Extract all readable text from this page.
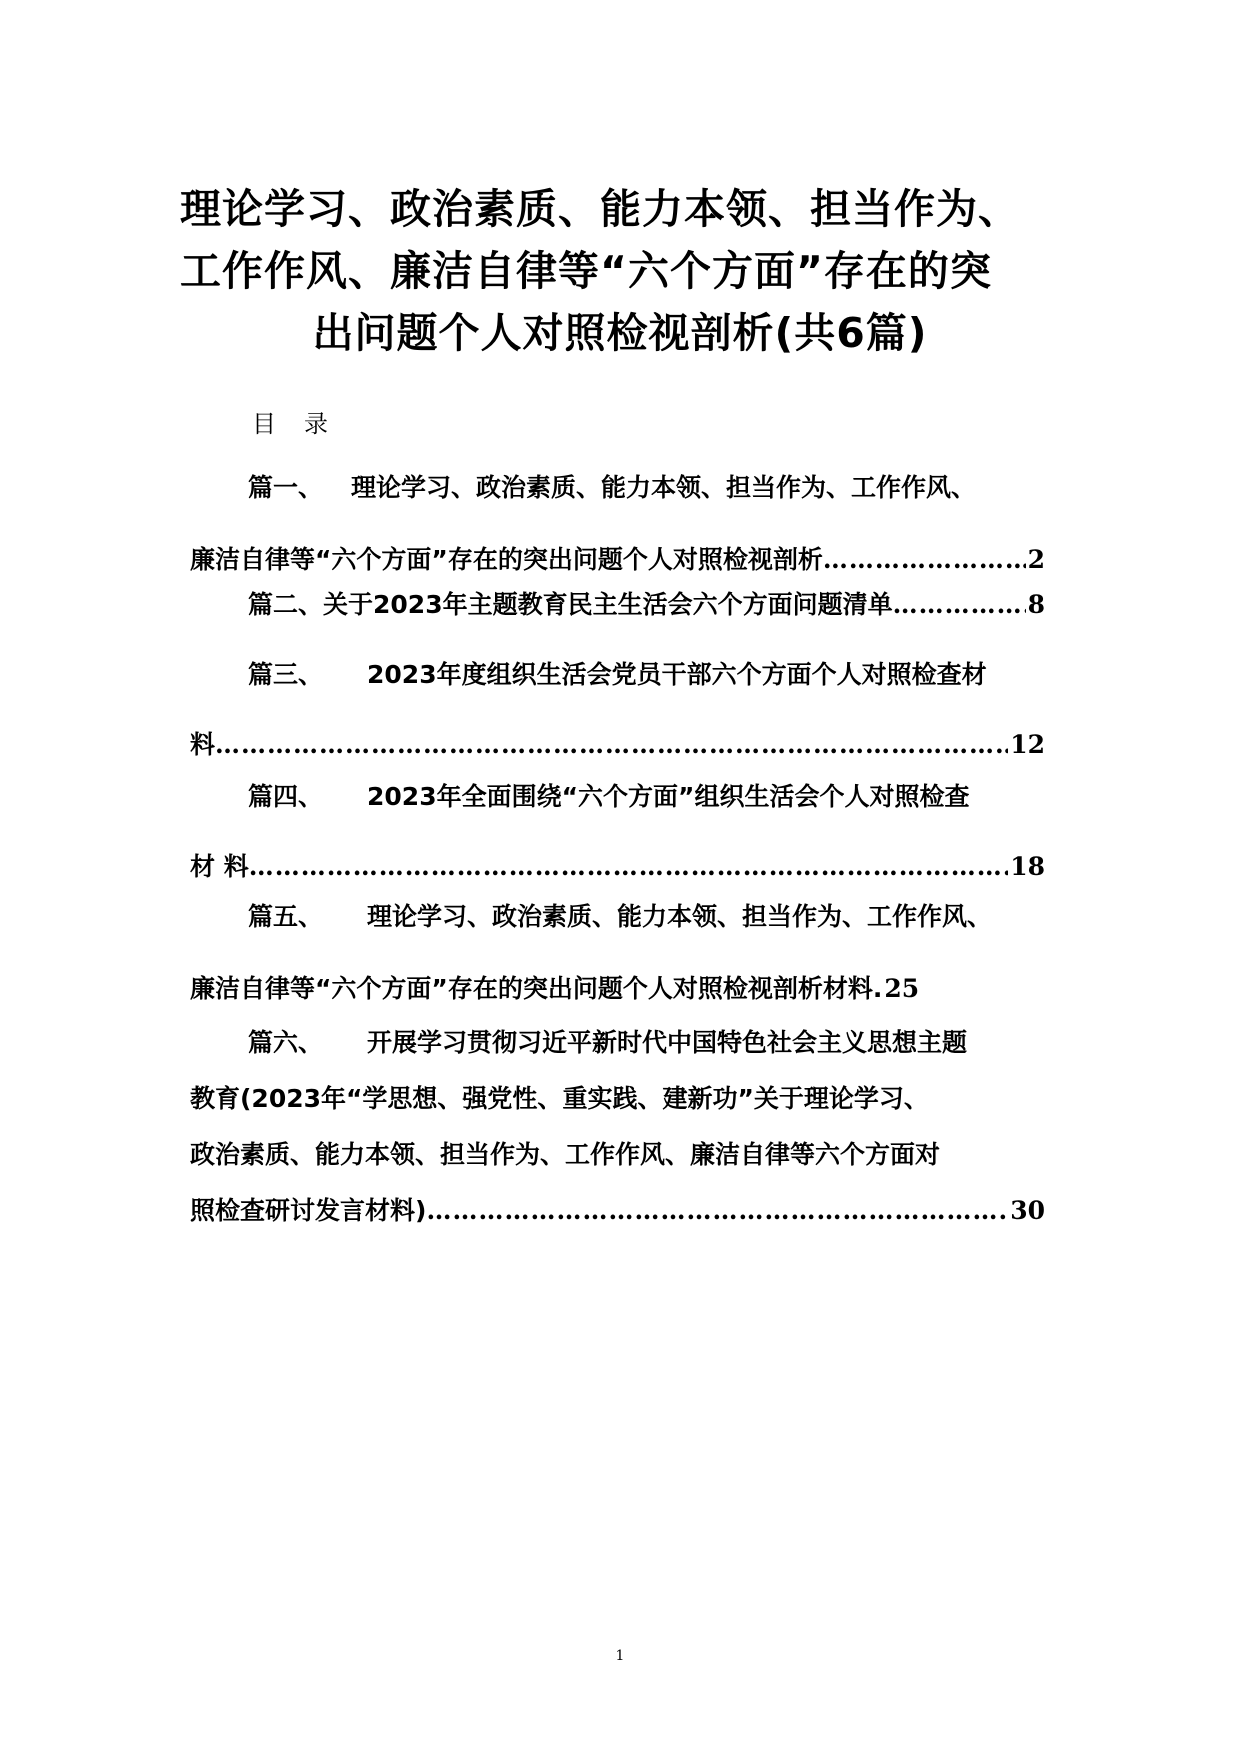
理论学习、政治素质、能力本领、担当作为、
工作作风、廉洁自律等“六个方面”存在的突
出问题个人对照检视剖析(共6篇)
目录
篇一、 理论学习、政治素质、能力本领、担当作为、工作作风、
廉洁自律等“六个方面”存在的突出问题个人对照检视剖析 …………………………………………………………………………………………………………………………………………………………………………	2
篇二、 关于2023年主题教育民主生活会六个方面问题清单 …………………………………………………………………………………………………………………………………………………………………………	8
篇三、 2023年度组织生活会党员干部六个方面个人对照检查材
料 …………………………………………………………………………………………………………………………………………………………………………	12
篇四、 2023年全面围绕“六个方面”组织生活会个人对照检查
材 料 …………………………………………………………………………………………………………………………………………………………………………	18
篇五、 理论学习、政治素质、能力本领、担当作为、工作作风、
廉洁自律等“六个方面”存在的突出问题个人对照检视剖析材料. 25
篇六、 开展学习贯彻习近平新时代中国特色社会主义思想主题
教育(2023年“学思想、强党性、重实践、建新功”关于理论学习、
政治素质、能力本领、担当作为、工作作风、廉洁自律等六个方面对
照检查研讨发言材料) …………………………………………………………………………………………………………………………………………………………………………	30
1
